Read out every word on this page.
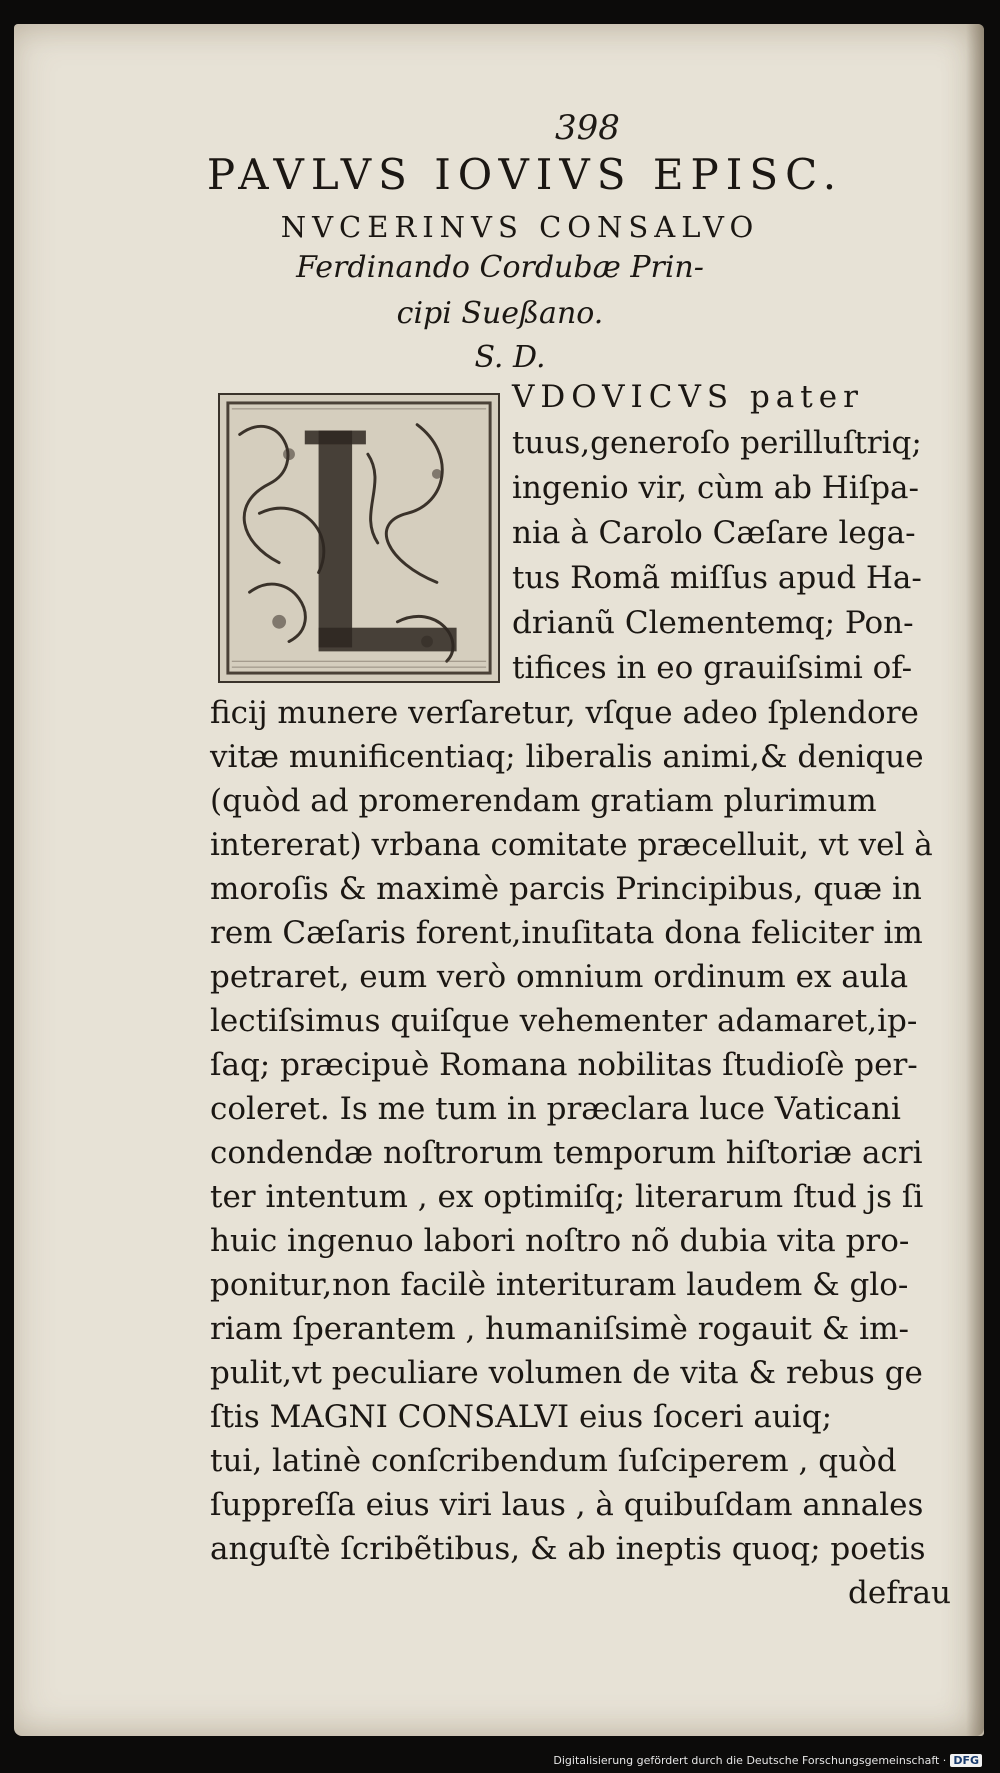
398
PAVLVS IOVIVS EPISC.
NVCERINVS CONSALVO
Ferdinando Cordubæ Prin-
cipi Sueßano.
S. D.
VDOVICVS pater
tuus,generoſo perilluſtriq;
ingenio vir, cùm ab Hiſpa-
nia à Carolo Cæſare lega-
tus Romã miſſus apud Ha-
drianũ Clementemq; Pon-
tifices in eo grauiſsimi of-
ficij munere verſaretur, vſque adeo ſplendore
vitæ munificentiaq; liberalis animi,& denique
(quòd ad promerendam gratiam plurimum
intererat) vrbana comitate præcelluit, vt vel à
moroſis & maximè parcis Principibus, quæ in
rem Cæſaris forent,inuſitata dona feliciter im
petraret, eum verò omnium ordinum ex aula
lectiſsimus quiſque vehementer adamaret,ip-
ſaq; præcipuè Romana nobilitas ſtudioſè per-
coleret. Is me tum in præclara luce Vaticani
condendæ noſtrorum temporum hiſtoriæ acri
ter intentum , ex optimiſq; literarum ſtud js ſi
huic ingenuo labori noſtro nõ dubia vita pro-
ponitur,non facilè interituram laudem & glo-
riam ſperantem , humaniſsimè rogauit & im-
pulit,vt peculiare volumen de vita & rebus ge
ſtis MAGNI CONSALVI eius ſoceri auiq;
tui, latinè conſcribendum ſuſciperem , quòd
ſuppreſſa eius viri laus , à quibuſdam annales
anguſtè ſcribẽtibus, & ab ineptis quoq; poetis
defrau
Digitalisierung gefördert durch die Deutsche Forschungsgemeinschaft · DFG
